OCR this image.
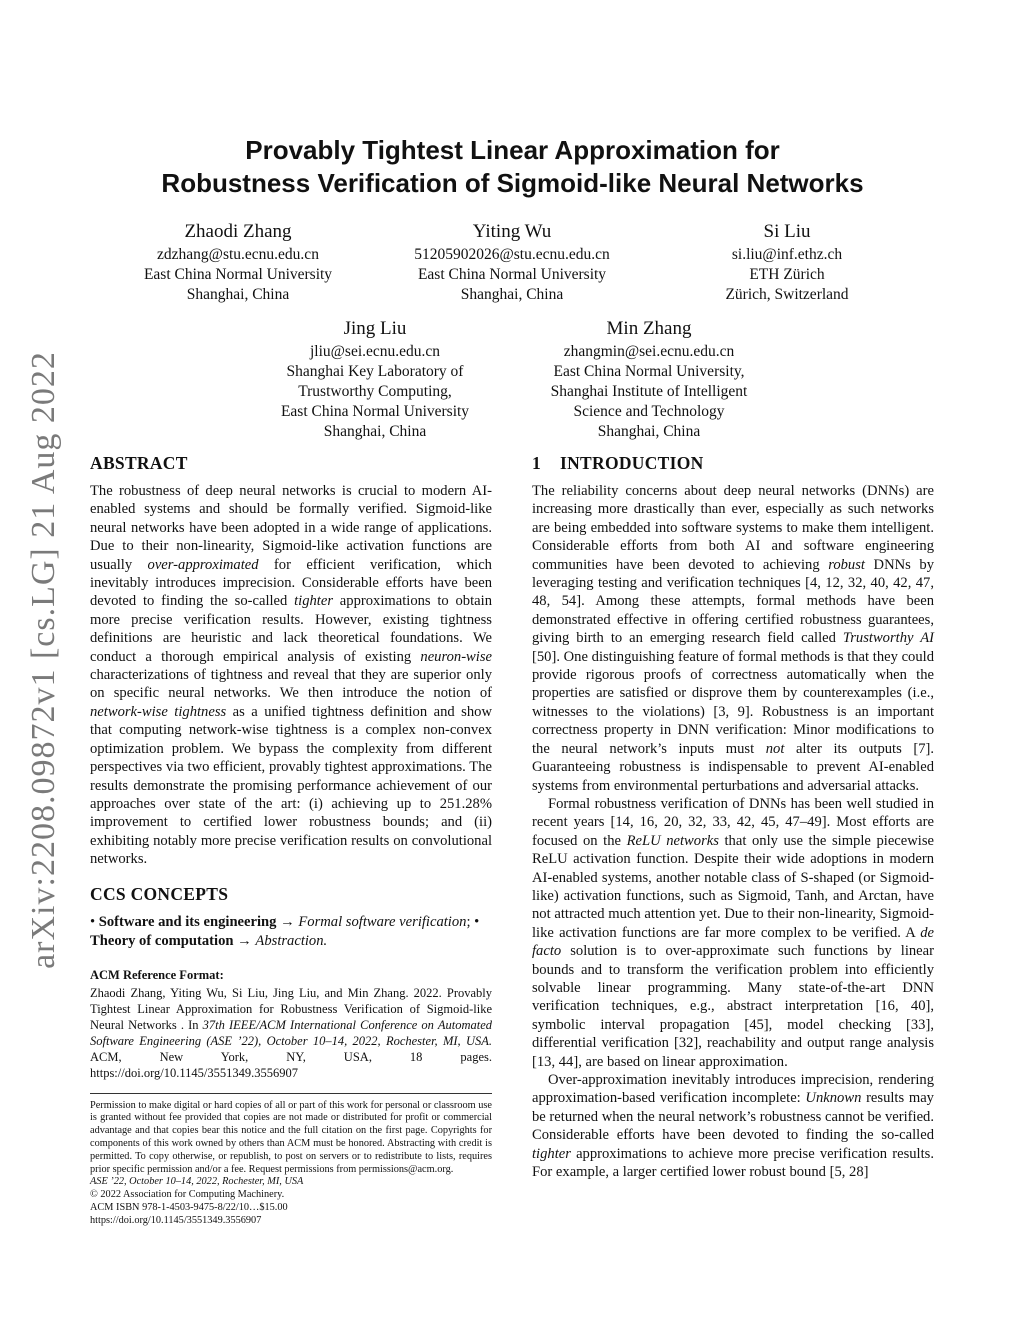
arXiv:2208.09872v1 [cs.LG] 21 Aug 2022
Provably Tightest Linear Approximation for
Robustness Verification of Sigmoid-like Neural Networks
Zhaodi Zhang
zdzhang@stu.ecnu.edu.cn
East China Normal University
Shanghai, China
Yiting Wu
51205902026@stu.ecnu.edu.cn
East China Normal University
Shanghai, China
Si Liu
si.liu@inf.ethz.ch
ETH Zürich
Zürich, Switzerland
Jing Liu
jliu@sei.ecnu.edu.cn
Shanghai Key Laboratory of
Trustworthy Computing,
East China Normal University
Shanghai, China
Min Zhang
zhangmin@sei.ecnu.edu.cn
East China Normal University,
Shanghai Institute of Intelligent
Science and Technology
Shanghai, China
ABSTRACT

The robustness of deep neural networks is crucial to modern AI-enabled systems and should be formally verified. Sigmoid-like neural networks have been adopted in a wide range of applications. Due to their non-linearity, Sigmoid-like activation functions are usually over-approximated for efficient verification, which inevitably introduces imprecision. Considerable efforts have been devoted to finding the so-called tighter approximations to obtain more precise verification results. However, existing tightness definitions are heuristic and lack theoretical foundations. We conduct a thorough empirical analysis of existing neuron-wise characterizations of tightness and reveal that they are superior only on specific neural networks. We then introduce the notion of network-wise tightness as a unified tightness definition and show that computing network-wise tightness is a complex non-convex optimization problem. We bypass the complexity from different perspectives via two efficient, provably tightest approximations. The results demonstrate the promising performance achievement of our approaches over state of the art: (i) achieving up to 251.28% improvement to certified lower robustness bounds; and (ii) exhibiting notably more precise verification results on convolutional networks.

CCS CONCEPTS

• Software and its engineering → Formal software verification; • Theory of computation → Abstraction.

ACM Reference Format:

Zhaodi Zhang, Yiting Wu, Si Liu, Jing Liu, and Min Zhang. 2022. Provably Tightest Linear Approximation for Robustness Verification of Sigmoid-like Neural Networks . In 37th IEEE/ACM International Conference on Automated Software Engineering (ASE ’22), October 10–14, 2022, Rochester, MI, USA. ACM, New York, NY, USA, 18 pages. https://doi.org/10.1145/3551349.3556907

Permission to make digital or hard copies of all or part of this work for personal or classroom use is granted without fee provided that copies are not made or distributed for profit or commercial advantage and that copies bear this notice and the full citation on the first page. Copyrights for components of this work owned by others than ACM must be honored. Abstracting with credit is permitted. To copy otherwise, or republish, to post on servers or to redistribute to lists, requires prior specific permission and/or a fee. Request permissions from permissions@acm.org.

ASE ’22, October 10–14, 2022, Rochester, MI, USA

© 2022 Association for Computing Machinery.

ACM ISBN 978-1-4503-9475-8/22/10…$15.00

https://doi.org/10.1145/3551349.3556907

1 INTRODUCTION

The reliability concerns about deep neural networks (DNNs) are increasing more drastically than ever, especially as such networks are being embedded into software systems to make them intelligent. Considerable efforts from both AI and software engineering communities have been devoted to achieving robust DNNs by leveraging testing and verification techniques [4, 12, 32, 40, 42, 47, 48, 54]. Among these attempts, formal methods have been demonstrated effective in offering certified robustness guarantees, giving birth to an emerging research field called Trustworthy AI [50]. One distinguishing feature of formal methods is that they could provide rigorous proofs of correctness automatically when the properties are satisfied or disprove them by counterexamples (i.e., witnesses to the violations) [3, 9]. Robustness is an important correctness property in DNN verification: Minor modifications to the neural network’s inputs must not alter its outputs [7]. Guaranteeing robustness is indispensable to prevent AI-enabled systems from environmental perturbations and adversarial attacks.

Formal robustness verification of DNNs has been well studied in recent years [14, 16, 20, 32, 33, 42, 45, 47–49]. Most efforts are focused on the ReLU networks that only use the simple piecewise ReLU activation function. Despite their wide adoptions in modern AI-enabled systems, another notable class of S-shaped (or Sigmoid-like) activation functions, such as Sigmoid, Tanh, and Arctan, have not attracted much attention yet. Due to their non-linearity, Sigmoid-like activation functions are far more complex to be verified. A de facto solution is to over-approximate such functions by linear bounds and to transform the verification problem into efficiently solvable linear programming. Many state-of-the-art DNN verification techniques, e.g., abstract interpretation [16, 40], symbolic interval propagation [45], model checking [33], differential verification [32], reachability and output range analysis [13, 44], are based on linear approximation.

Over-approximation inevitably introduces imprecision, rendering approximation-based verification incomplete: Unknown results may be returned when the neural network’s robustness cannot be verified. Considerable efforts have been devoted to finding the so-called tighter approximations to achieve more precise verification results. For example, a larger certified lower robust bound [5, 28]
